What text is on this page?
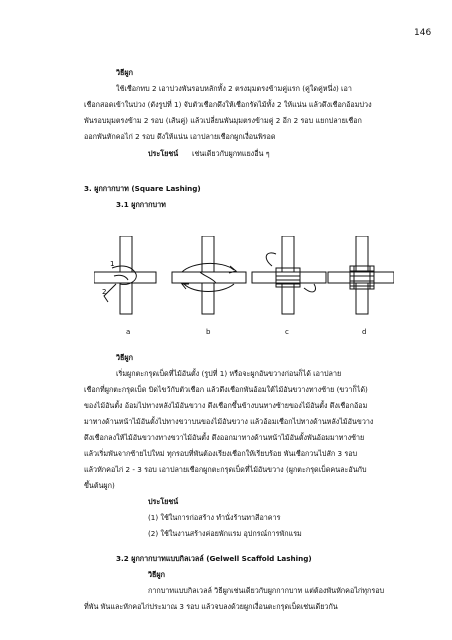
146
วิธีผูก
ใช้เชือกทบ 2 เอาบ่วงพันรอบหลักทั้ง 2 ตรงมุมตรงข้ามคู่แรก (คู่ใดคู่หนึ่ง) เอา
เชือกสอดเข้าในบ่วง (ดังรูปที่ 1) จับตัวเชือกดึงให้เชือกรัดไม้ทั้ง 2 ให้แน่น แล้วดึงเชือกอ้อมบ่วง
พันรอบมุมตรงข้าม 2 รอบ (เส้นคู่) แล้วเปลี่ยนพันมุมตรงข้ามคู่ 2 อีก 2 รอบ แยกปลายเชือก
ออกพันหักคอไก่ 2 รอบ ดึงให้แน่น เอาปลายเชือกผูกเงื่อนพิรอด
ประโยชน์ เช่นเดียวกับผูกทแยงอื่น ๆ
3. ผูกกากบาท (Square Lashing)
3.1 ผูกกากบาท
1
2
a	b	c	d
วิธีผูก
เริ่มผูกตะกรุดเบ็ดที่ไม้อันตั้ง (รูปที่ 1) หรือจะผูกอันขวางก่อนก็ได้ เอาปลาย
เชือกที่ผูกตะกรุดเบ็ด บิดไขว้กับตัวเชือก แล้วดึงเชือกพันอ้อมใต้ไม้อันขวางทางซ้าย (ขวาก็ได้)
ของไม้อันตั้ง อ้อมไปทางหลังไม้อันขวาง ดึงเชือกขึ้นข้างบนทางซ้ายของไม้อันตั้ง ดึงเชือกอ้อม
มาทางด้านหน้าไม้อันตั้งไปทางขวาบนของไม้อันขวาง แล้วอ้อมเชือกไปทางด้านหลังไม้อันขวาง
ดึงเชือกลงให้ไม้อันขวางทางขวาไม้อันตั้ง ดึงออกมาทางด้านหน้าไม้อันตั้งพันอ้อมมาทางซ้าย
แล้วเริ่มพันจากซ้ายไปใหม่ ทุกรอบที่พันต้องเรียงเชือกให้เรียบร้อย พันเชือกวนไปสัก 3 รอบ
แล้วหักคอไก่ 2 - 3 รอบ เอาปลายเชือกผูกตะกรุดเบ็ดที่ไม้อันขวาง (ผูกตะกรุดเบ็ดคนละอันกับ
ขึ้นต้นผูก)
ประโยชน์
(1) ใช้ในการก่อสร้าง ทำนั่งร้านทาสีอาคาร
(2) ใช้ในงานสร้างค่อยพักแรม อุปกรณ์การพักแรม
3.2 ผูกกากบาทแบบกิลเวลล์ (Gelwell Scaffold Lashing)
วิธีผูก
กากบาทแบบกิลเวลล์ วิธีผูกเช่นเดียวกับผูกกากบาท แต่ต้องพันหักคอไก่ทุกรอบ
ที่พัน พันและหักคอไก่ประมาณ 3 รอบ แล้วจบลงด้วยผูกเงื่อนตะกรุดเบ็ดเช่นเดียวกัน
